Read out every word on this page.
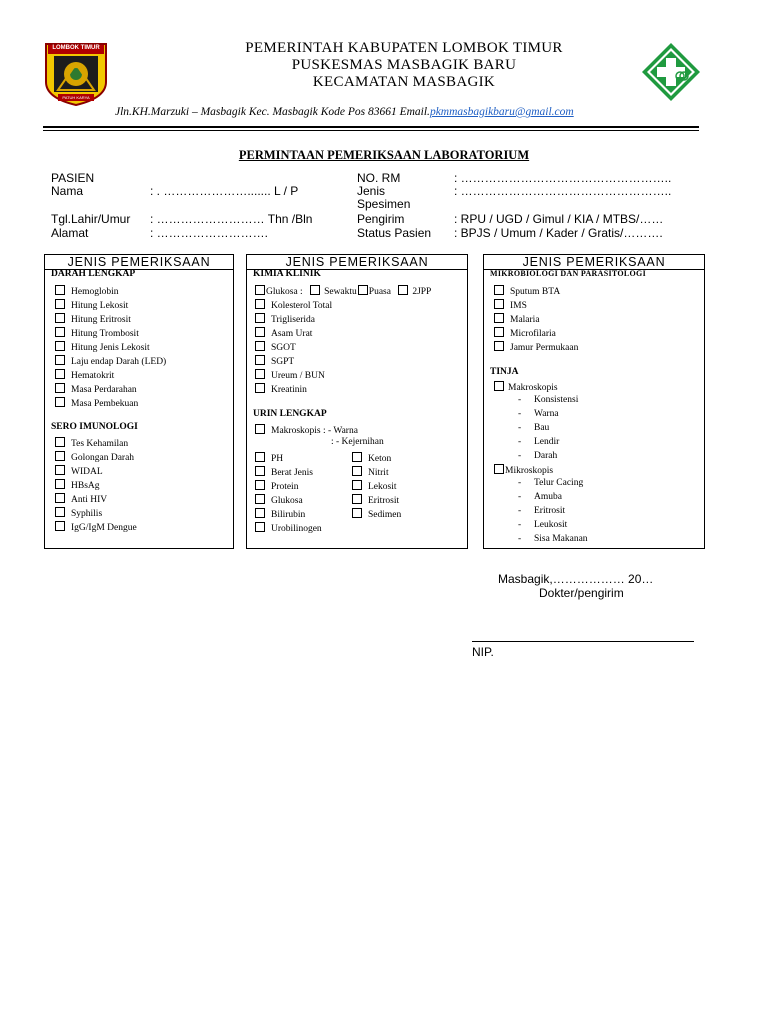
LOMBOK TIMUR
PATUH KARYA
PEMERINTAH KABUPATEN LOMBOK TIMUR
PUSKESMAS MASBAGIK BARU
KECAMATAN MASBAGIK
Jln.KH.Marzuki – Masbagik Kec. Masbagik Kode Pos 83661 Email.pkmmasbagikbaru@gmail.com
PERMINTAAN PEMERIKSAAN LABORATORIUM
PASIEN
Nama	: . …………………....... L / P
Tgl.Lahir/Umur : ……………………… Thn /Bln
Alamat	: ……………………….
NO. RM	: ……………………………………………..
Jenis
Spesimen
: ……………………………………………..
Pengirim	: RPU / UGD / Gimul / KIA / MTBS/……
Status Pasien : BPJS / Umum / Kader / Gratis/……….
JENIS PEMERIKSAAN
DARAH LENGKAP
Hemoglobin
Hitung Lekosit
Hitung Eritrosit
Hitung Trombosit
Hitung Jenis Lekosit
Laju endap Darah (LED)
Hematokrit
Masa Perdarahan
Masa Pembekuan
SERO IMUNOLOGI
Tes Kehamilan
Golongan Darah
WIDAL
HBsAg
Anti HIV
Syphilis
IgG/IgM Dengue
JENIS PEMERIKSAAN
KIMIA KLINIK
Glukosa : Sewaktu Puasa 2JPP
Kolesterol Total
Trigliserida
Asam Urat
SGOT
SGPT
Ureum / BUN
Kreatinin
URIN LENGKAP
Makroskopis : - Warna
: - Kejernihan
PH
Berat Jenis
Protein
Glukosa
Bilirubin
Urobilinogen
Keton
Nitrit
Lekosit
Eritrosit
Sedimen
JENIS PEMERIKSAAN
MIKROBIOLOGI DAN PARASITOLOGI
Sputum BTA
IMS
Malaria
Microfilaria
Jamur Permukaan
TINJA
Makroskopis
- Konsistensi
- Warna
- Bau
- Lendir
- Darah
Mikroskopis
- Telur Cacing
- Amuba
- Eritrosit
- Leukosit
- Sisa Makanan
Masbagik,……………… 20…
Dokter/pengirim
NIP.
